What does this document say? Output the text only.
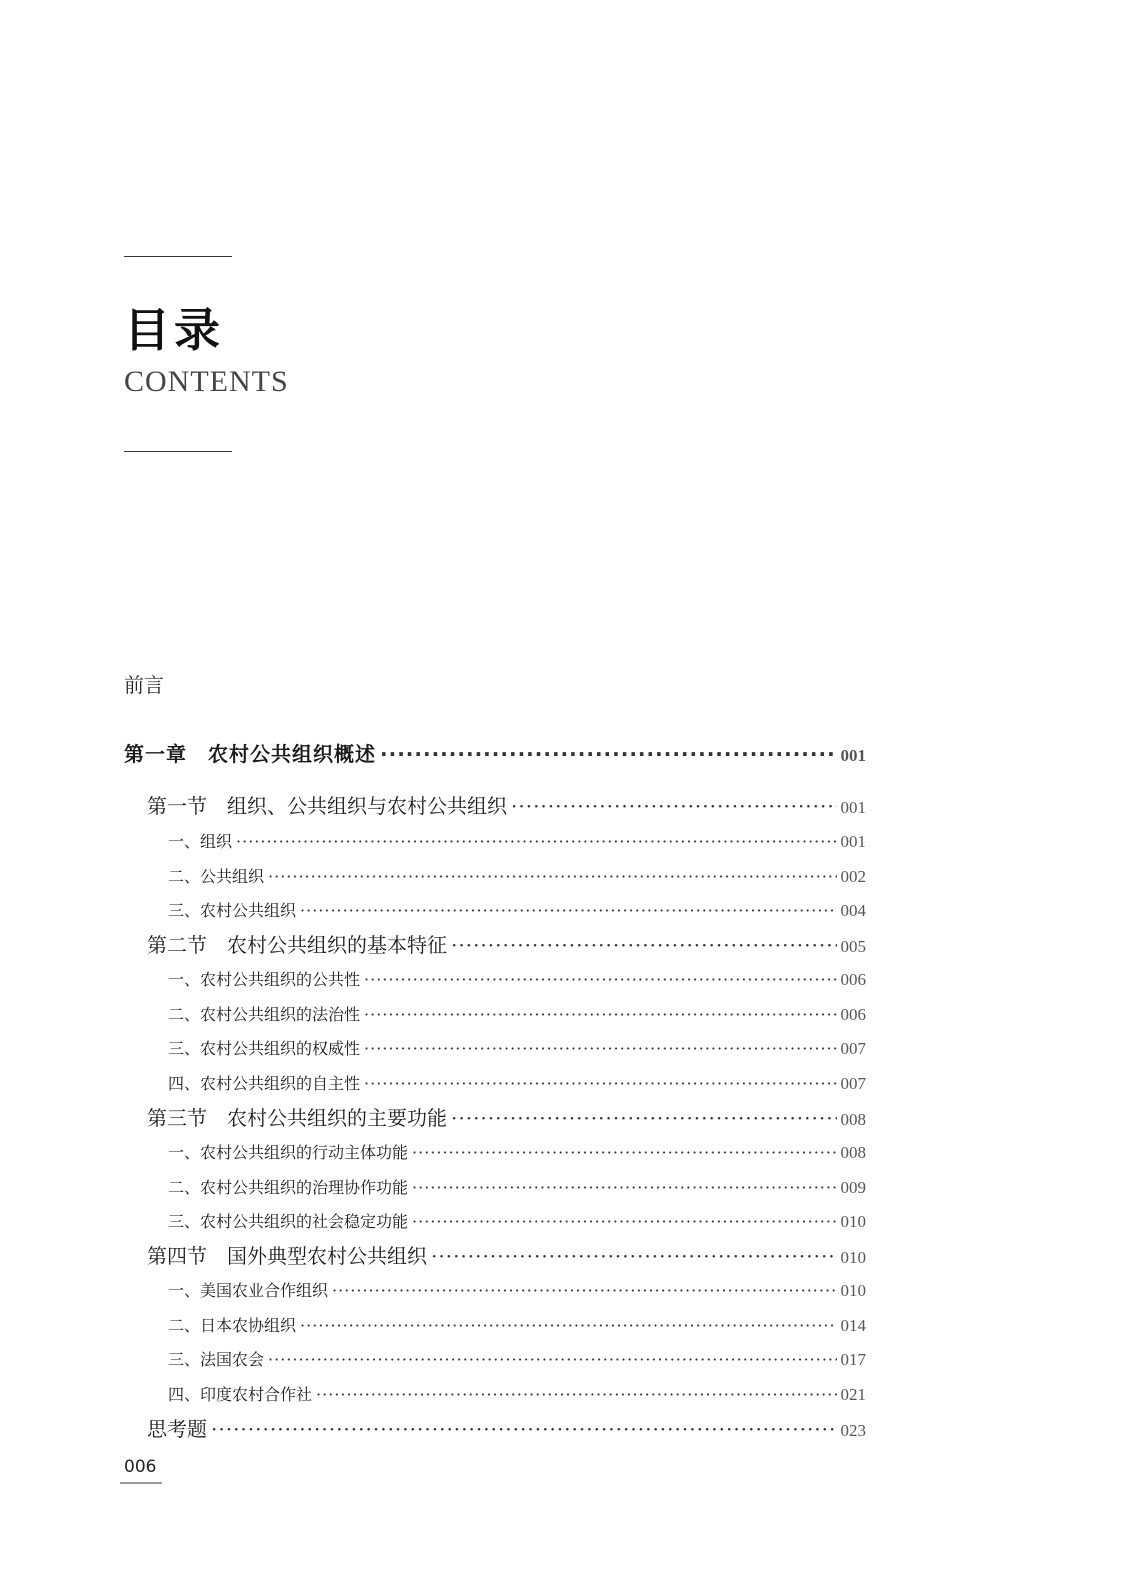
目录
CONTENTS
前言
第一章　农村公共组织概述 ·····	001
第一节　组织、公共组织与农村公共组织 ·····	001
一、组织 ·····	001
二、公共组织 ·····	002
三、农村公共组织 ·····	004
第二节　农村公共组织的基本特征 ·····	005
一、农村公共组织的公共性 ·····	006
二、农村公共组织的法治性 ·····	006
三、农村公共组织的权威性 ·····	007
四、农村公共组织的自主性 ·····	007
第三节　农村公共组织的主要功能 ·····	008
一、农村公共组织的行动主体功能 ·····	008
二、农村公共组织的治理协作功能 ·····	009
三、农村公共组织的社会稳定功能 ·····	010
第四节　国外典型农村公共组织 ·····	010
一、美国农业合作组织 ·····	010
二、日本农协组织 ·····	014
三、法国农会 ·····	017
四、印度农村合作社 ·····	021
思考题 ·····	023
006
